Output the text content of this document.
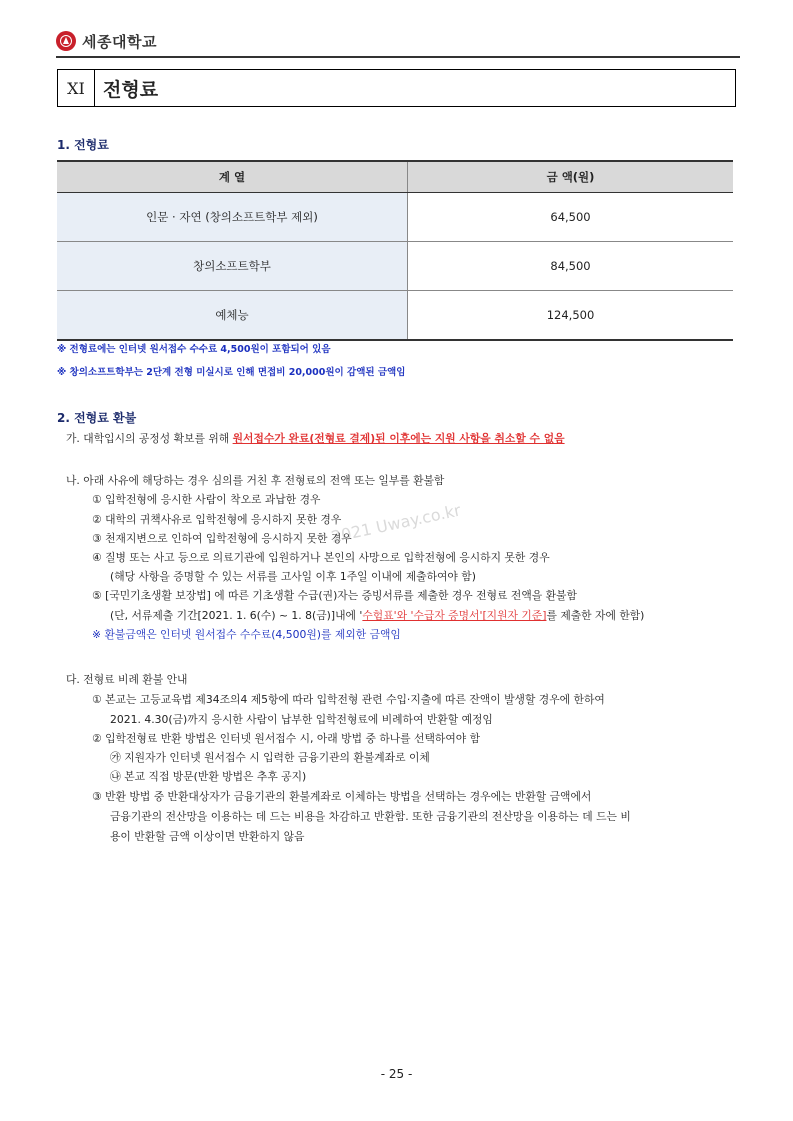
세종대학교
XI 전형료
1. 전형료
계 열	금 액(원)
인문 · 자연 (창의소프트학부 제외)	64,500
창의소프트학부	84,500
예체능	124,500
※ 전형료에는 인터넷 원서접수 수수료 4,500원이 포함되어 있음
※ 창의소프트학부는 2단계 전형 미실시로 인해 면접비 20,000원이 감액된 금액임
2. 전형료 환불
가. 대학입시의 공정성 확보를 위해 원서접수가 완료(전형료 결제)된 이후에는 지원 사항을 취소할 수 없음
나. 아래 사유에 해당하는 경우 심의를 거친 후 전형료의 전액 또는 일부를 환불함
① 입학전형에 응시한 사람이 착오로 과납한 경우
② 대학의 귀책사유로 입학전형에 응시하지 못한 경우
③ 천재지변으로 인하여 입학전형에 응시하지 못한 경우
④ 질병 또는 사고 등으로 의료기관에 입원하거나 본인의 사망으로 입학전형에 응시하지 못한 경우
(해당 사항을 증명할 수 있는 서류를 고사일 이후 1주일 이내에 제출하여야 함)
⑤ [국민기초생활 보장법] 에 따른 기초생활 수급(권)자는 증빙서류를 제출한 경우 전형료 전액을 환불함
(단, 서류제출 기간[2021. 1. 6(수) ~ 1. 8(금)]내에 '수험표'와 '수급자 증명서'[지원자 기준]를 제출한 자에 한함)
※ 환불금액은 인터넷 원서접수 수수료(4,500원)를 제외한 금액임
2021 Uway.co.kr
다. 전형료 비례 환불 안내
① 본교는 고등교육법 제34조의4 제5항에 따라 입학전형 관련 수입·지출에 따른 잔액이 발생할 경우에 한하여
2021. 4.30(금)까지 응시한 사람이 납부한 입학전형료에 비례하여 반환할 예정임
② 입학전형료 반환 방법은 인터넷 원서접수 시, 아래 방법 중 하나를 선택하여야 함
㉮ 지원자가 인터넷 원서접수 시 입력한 금융기관의 환불계좌로 이체
㉯ 본교 직접 방문(반환 방법은 추후 공지)
③ 반환 방법 중 반환대상자가 금융기관의 환불계좌로 이체하는 방법을 선택하는 경우에는 반환할 금액에서
금융기관의 전산망을 이용하는 데 드는 비용을 차감하고 반환함. 또한 금융기관의 전산망을 이용하는 데 드는 비
용이 반환할 금액 이상이면 반환하지 않음
- 25 -
